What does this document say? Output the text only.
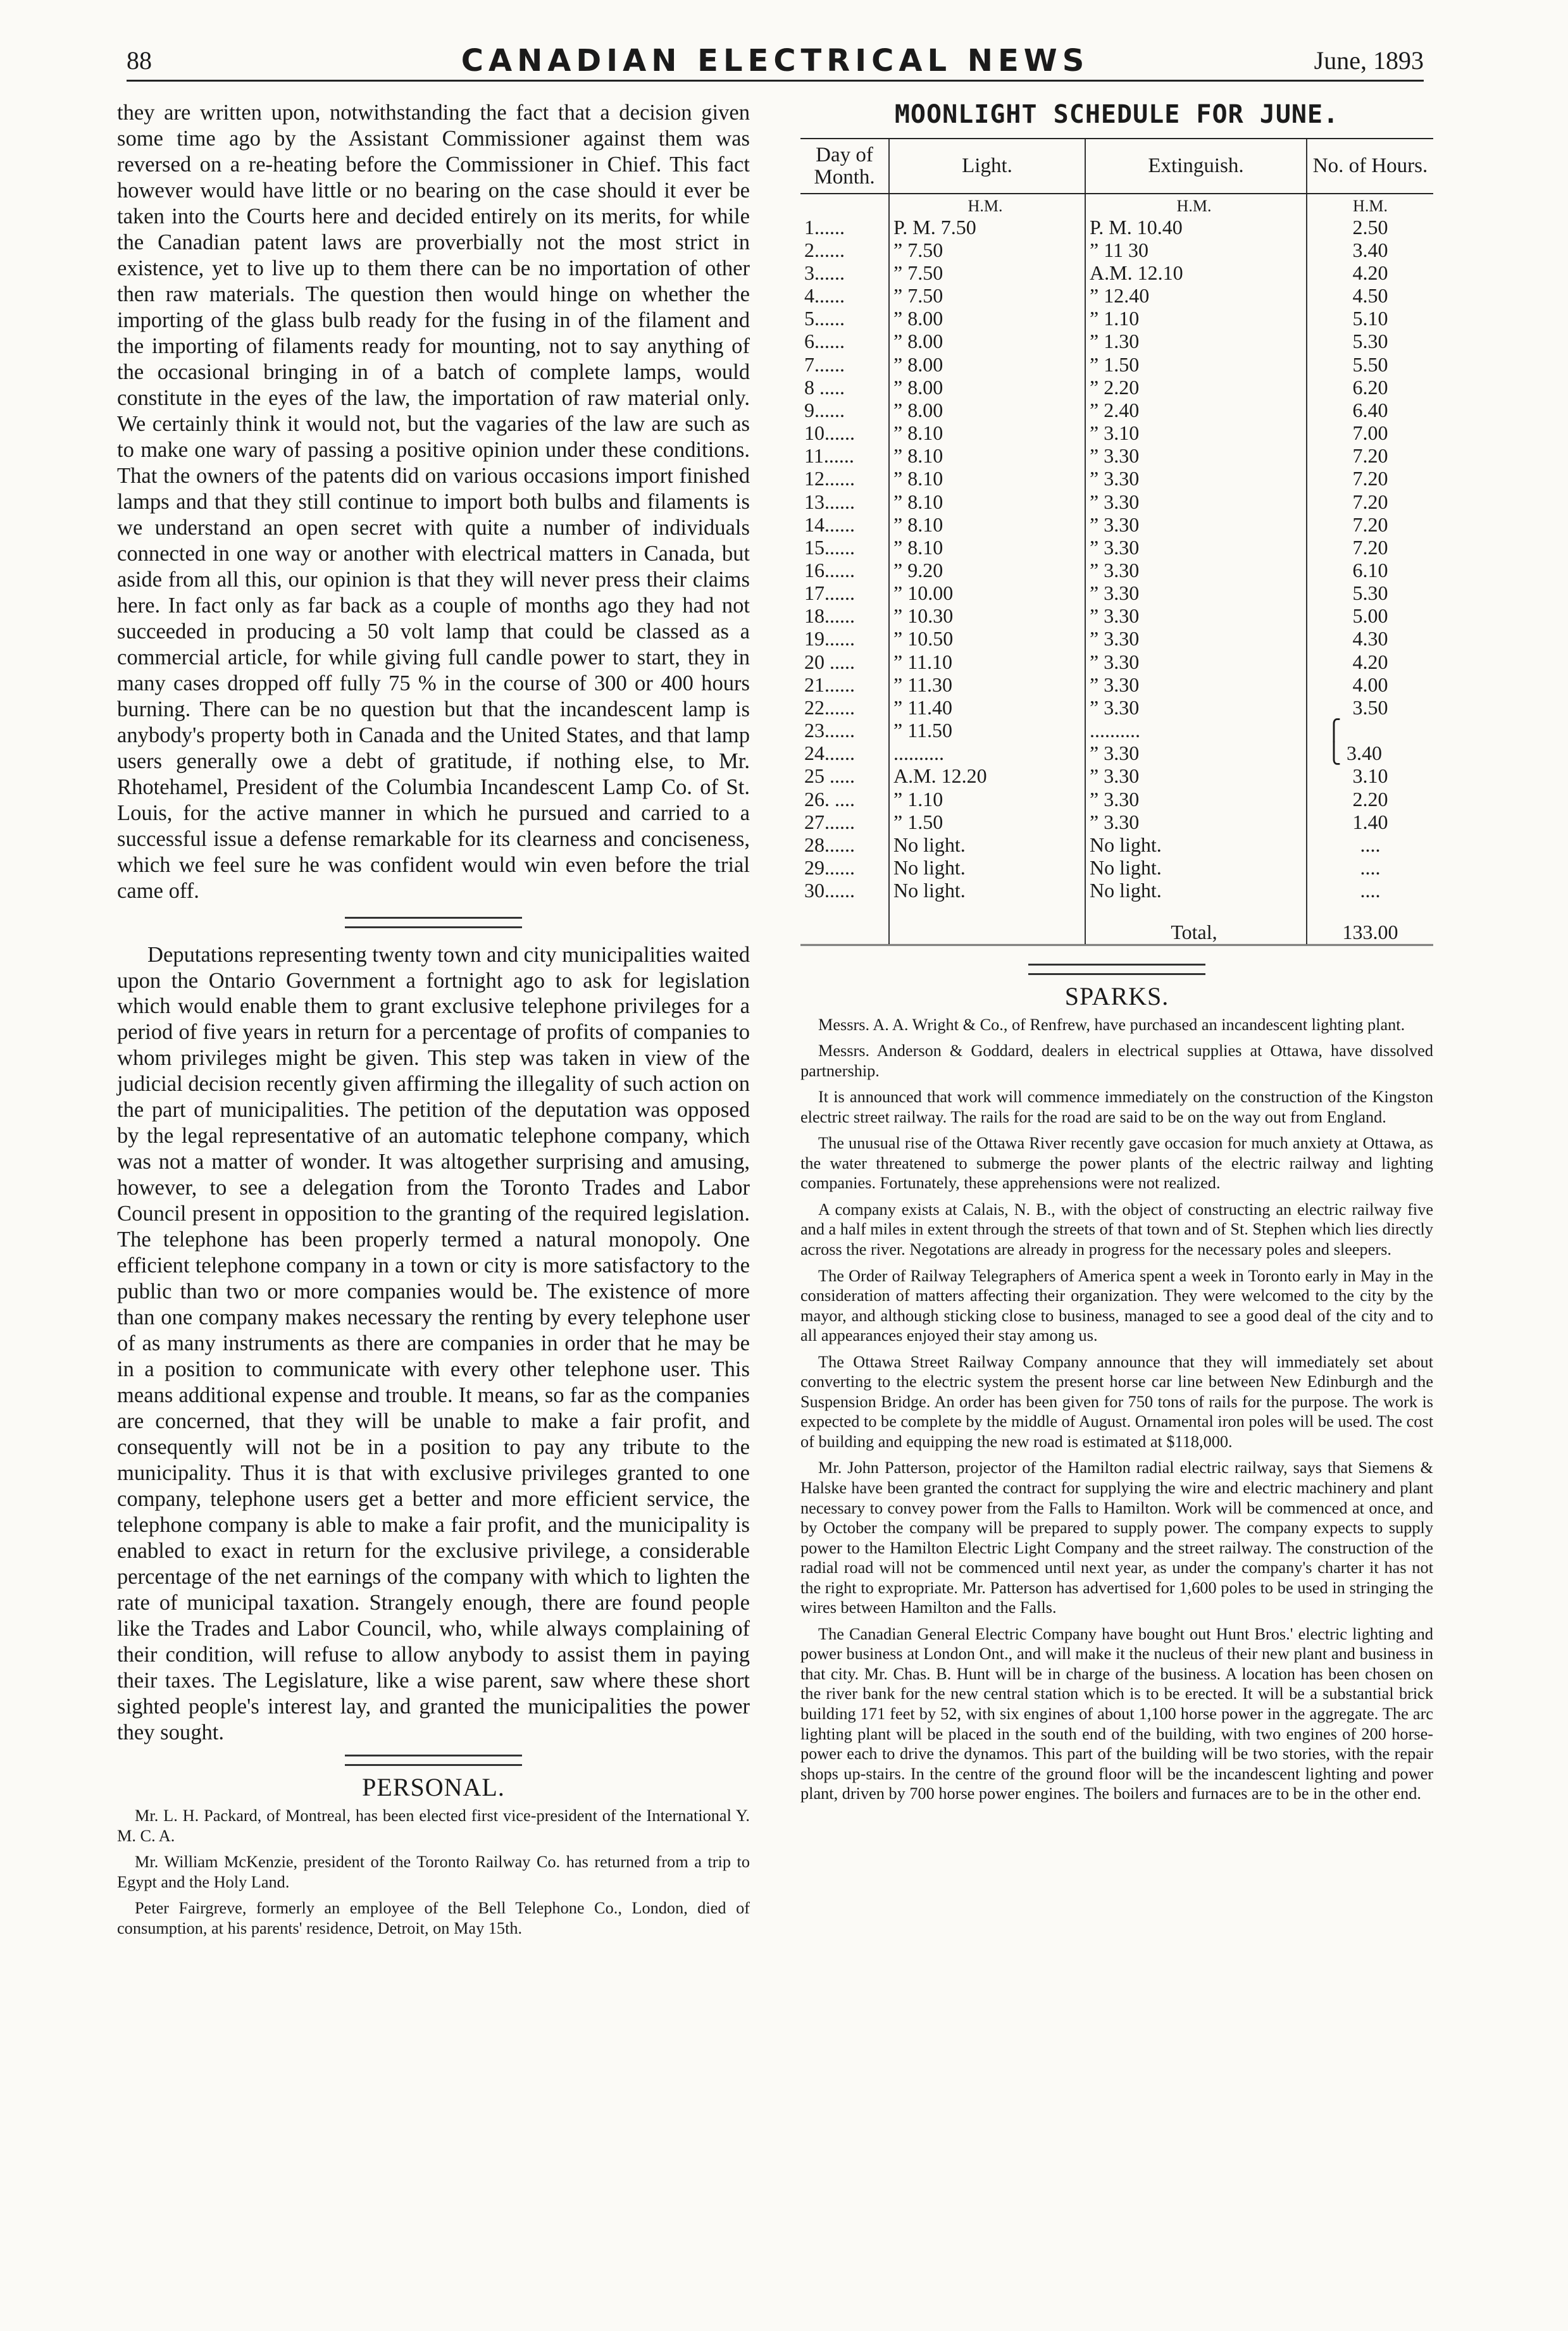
88	CANADIAN ELECTRICAL NEWS	June, 1893

they are written upon, notwithstanding the fact that a decision given some time ago by the Assistant Commissioner against them was reversed on a re-heating before the Commissioner in Chief. This fact however would have little or no bearing on the case should it ever be taken into the Courts here and decided entirely on its merits, for while the Canadian patent laws are proverbially not the most strict in existence, yet to live up to them there can be no importation of other then raw materials. The question then would hinge on whether the importing of the glass bulb ready for the fusing in of the filament and the importing of filaments ready for mounting, not to say anything of the occasional bringing in of a batch of complete lamps, would constitute in the eyes of the law, the importation of raw material only. We certainly think it would not, but the vagaries of the law are such as to make one wary of passing a positive opinion under these conditions. That the owners of the patents did on various occasions import finished lamps and that they still continue to import both bulbs and filaments is we understand an open secret with quite a number of individuals connected in one way or another with electrical matters in Canada, but aside from all this, our opinion is that they will never press their claims here. In fact only as far back as a couple of months ago they had not succeeded in producing a 50 volt lamp that could be classed as a commercial article, for while giving full candle power to start, they in many cases dropped off fully 75 % in the course of 300 or 400 hours burning. There can be no question but that the incandescent lamp is anybody's property both in Canada and the United States, and that lamp users generally owe a debt of gratitude, if nothing else, to Mr. Rhotehamel, President of the Columbia Incandescent Lamp Co. of St. Louis, for the active manner in which he pursued and carried to a successful issue a defense remarkable for its clearness and conciseness, which we feel sure he was confident would win even before the trial came off.

Deputations representing twenty town and city municipalities waited upon the Ontario Government a fortnight ago to ask for legislation which would enable them to grant exclusive telephone privileges for a period of five years in return for a percentage of profits of companies to whom privileges might be given. This step was taken in view of the judicial decision recently given affirming the illegality of such action on the part of municipalities. The petition of the deputation was opposed by the legal representative of an automatic telephone company, which was not a matter of wonder. It was altogether surprising and amusing, however, to see a delegation from the Toronto Trades and Labor Council present in opposition to the granting of the required legislation. The telephone has been properly termed a natural monopoly. One efficient telephone company in a town or city is more satisfactory to the public than two or more companies would be. The existence of more than one company makes necessary the renting by every telephone user of as many instruments as there are companies in order that he may be in a position to communicate with every other telephone user. This means additional expense and trouble. It means, so far as the companies are concerned, that they will be unable to make a fair profit, and consequently will not be in a position to pay any tribute to the municipality. Thus it is that with exclusive privileges granted to one company, telephone users get a better and more efficient service, the telephone company is able to make a fair profit, and the municipality is enabled to exact in return for the exclusive privilege, a considerable percentage of the net earnings of the company with which to lighten the rate of municipal taxation. Strangely enough, there are found people like the Trades and Labor Council, who, while always complaining of their condition, will refuse to allow anybody to assist them in paying their taxes. The Legislature, like a wise parent, saw where these short sighted people's interest lay, and granted the municipalities the power they sought.

PERSONAL.

Mr. L. H. Packard, of Montreal, has been elected first vice-president of the International Y. M. C. A.

Mr. William McKenzie, president of the Toronto Railway Co. has returned from a trip to Egypt and the Holy Land.

Peter Fairgreve, formerly an employee of the Bell Telephone Co., London, died of consumption, at his parents' residence, Detroit, on May 15th.

MOONLIGHT SCHEDULE FOR JUNE.
Day of Month.	Light.	Extinguish.	No. of Hours.
	H.M.	H.M.	H.M.
1......	P. M. 7.50	P. M. 10.40	2.50
2......	” 7.50	” 11 30	3.40
3......	” 7.50	A.M. 12.10	4.20
4......	” 7.50	” 12.40	4.50
5......	” 8.00	” 1.10	5.10
6......	” 8.00	” 1.30	5.30
7......	” 8.00	” 1.50	5.50
8 .....	” 8.00	” 2.20	6.20
9......	” 8.00	” 2.40	6.40
10......	” 8.10	” 3.10	7.00
11......	” 8.10	” 3.30	7.20
12......	” 8.10	” 3.30	7.20
13......	” 8.10	” 3.30	7.20
14......	” 8.10	” 3.30	7.20
15......	” 8.10	” 3.30	7.20
16......	” 9.20	” 3.30	6.10
17......	” 10.00	” 3.30	5.30
18......	” 10.30	” 3.30	5.00
19......	” 10.50	” 3.30	4.30
20 .....	” 11.10	” 3.30	4.20
21......	” 11.30	” 3.30	4.00
22......	” 11.40	” 3.30	3.50
23......	” 11.50	..........	⎧
24......	..........	” 3.30	⎩ 3.40
25 .....	A.M. 12.20	” 3.30	3.10
26. ....	” 1.10	” 3.30	2.20
27......	” 1.50	” 3.30	1.40
28......	No light.	No light.	....
29......	No light.	No light.	....
30......	No light.	No light.	....
		Total,	133.00
SPARKS.

Messrs. A. A. Wright & Co., of Renfrew, have purchased an incandescent lighting plant.

Messrs. Anderson & Goddard, dealers in electrical supplies at Ottawa, have dissolved partnership.

It is announced that work will commence immediately on the construction of the Kingston electric street railway. The rails for the road are said to be on the way out from England.

The unusual rise of the Ottawa River recently gave occasion for much anxiety at Ottawa, as the water threatened to submerge the power plants of the electric railway and lighting companies. Fortunately, these apprehensions were not realized.

A company exists at Calais, N. B., with the object of constructing an electric railway five and a half miles in extent through the streets of that town and of St. Stephen which lies directly across the river. Negotations are already in progress for the necessary poles and sleepers.

The Order of Railway Telegraphers of America spent a week in Toronto early in May in the consideration of matters affecting their organization. They were welcomed to the city by the mayor, and although sticking close to business, managed to see a good deal of the city and to all appearances enjoyed their stay among us.

The Ottawa Street Railway Company announce that they will immediately set about converting to the electric system the present horse car line between New Edinburgh and the Suspension Bridge. An order has been given for 750 tons of rails for the purpose. The work is expected to be complete by the middle of August. Ornamental iron poles will be used. The cost of building and equipping the new road is estimated at $118,000.

Mr. John Patterson, projector of the Hamilton radial electric railway, says that Siemens & Halske have been granted the contract for supplying the wire and electric machinery and plant necessary to convey power from the Falls to Hamilton. Work will be commenced at once, and by October the company will be prepared to supply power. The company expects to supply power to the Hamilton Electric Light Company and the street railway. The construction of the radial road will not be commenced until next year, as under the company's charter it has not the right to expropriate. Mr. Patterson has advertised for 1,600 poles to be used in stringing the wires between Hamilton and the Falls.

The Canadian General Electric Company have bought out Hunt Bros.' electric lighting and power business at London Ont., and will make it the nucleus of their new plant and business in that city. Mr. Chas. B. Hunt will be in charge of the business. A location has been chosen on the river bank for the new central station which is to be erected. It will be a substantial brick building 171 feet by 52, with six engines of about 1,100 horse power in the aggregate. The arc lighting plant will be placed in the south end of the building, with two engines of 200 horse-power each to drive the dynamos. This part of the building will be two stories, with the repair shops up-stairs. In the centre of the ground floor will be the incandescent lighting and power plant, driven by 700 horse power engines. The boilers and furnaces are to be in the other end.
